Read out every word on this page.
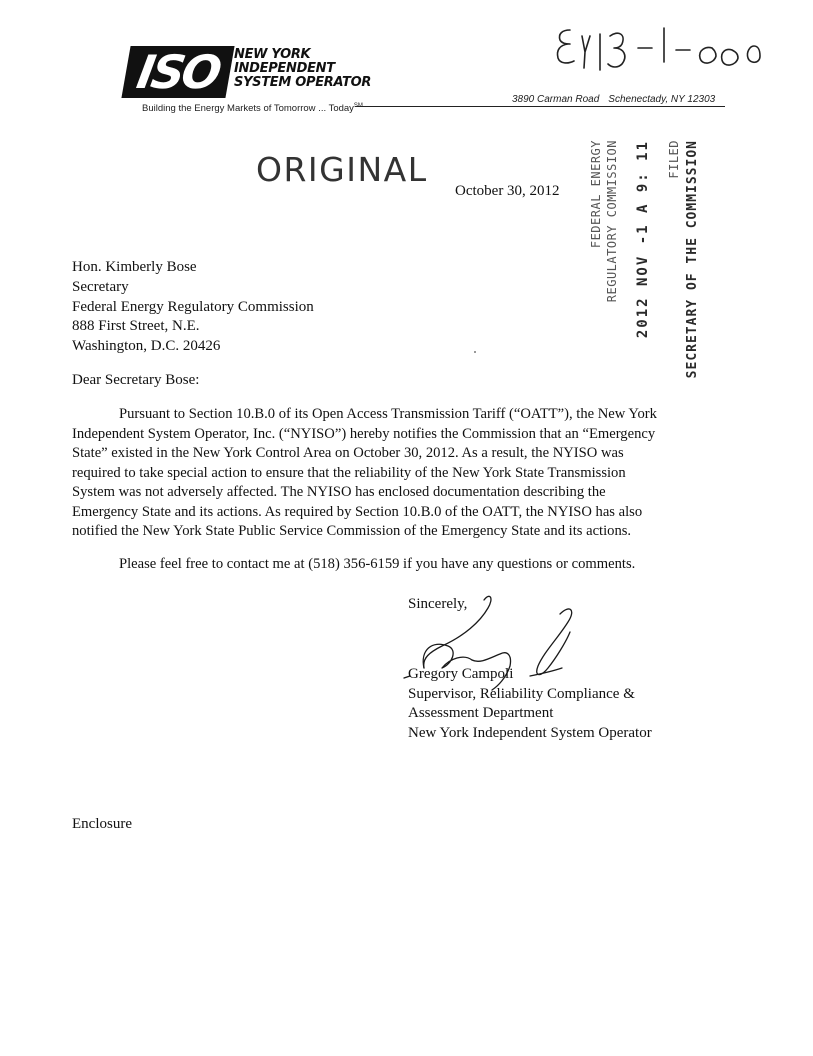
ISO NEW YORK
INDEPENDENT
SYSTEM OPERATOR
Building the Energy Markets of Tomorrow ... Today℠
3890 Carman Road Schenectady, NY 12303
ORIGINAL
October 30, 2012 FEDERAL ENERGY REGULATORY COMMISSION 2012 NOV -1 A 9: 11 FILED SECRETARY OF THE COMMISSION
Hon. Kimberly Bose
Secretary
Federal Energy Regulatory Commission
888 First Street, N.E.
Washington, D.C. 20426
Dear Secretary Bose:
Pursuant to Section 10.B.0 of its Open Access Transmission Tariff (“OATT”), the New York
Independent System Operator, Inc. (“NYISO”) hereby notifies the Commission that an “Emergency
State” existed in the New York Control Area on October 30, 2012. As a result, the NYISO was
required to take special action to ensure that the reliability of the New York State Transmission
System was not adversely affected. The NYISO has enclosed documentation describing the
Emergency State and its actions. As required by Section 10.B.0 of the OATT, the NYISO has also
notified the New York State Public Service Commission of the Emergency State and its actions.
Please feel free to contact me at (518) 356-6159 if you have any questions or comments.
Sincerely,
Gregory Campoli
Supervisor, Reliability Compliance &
Assessment Department
New York Independent System Operator
Enclosure
